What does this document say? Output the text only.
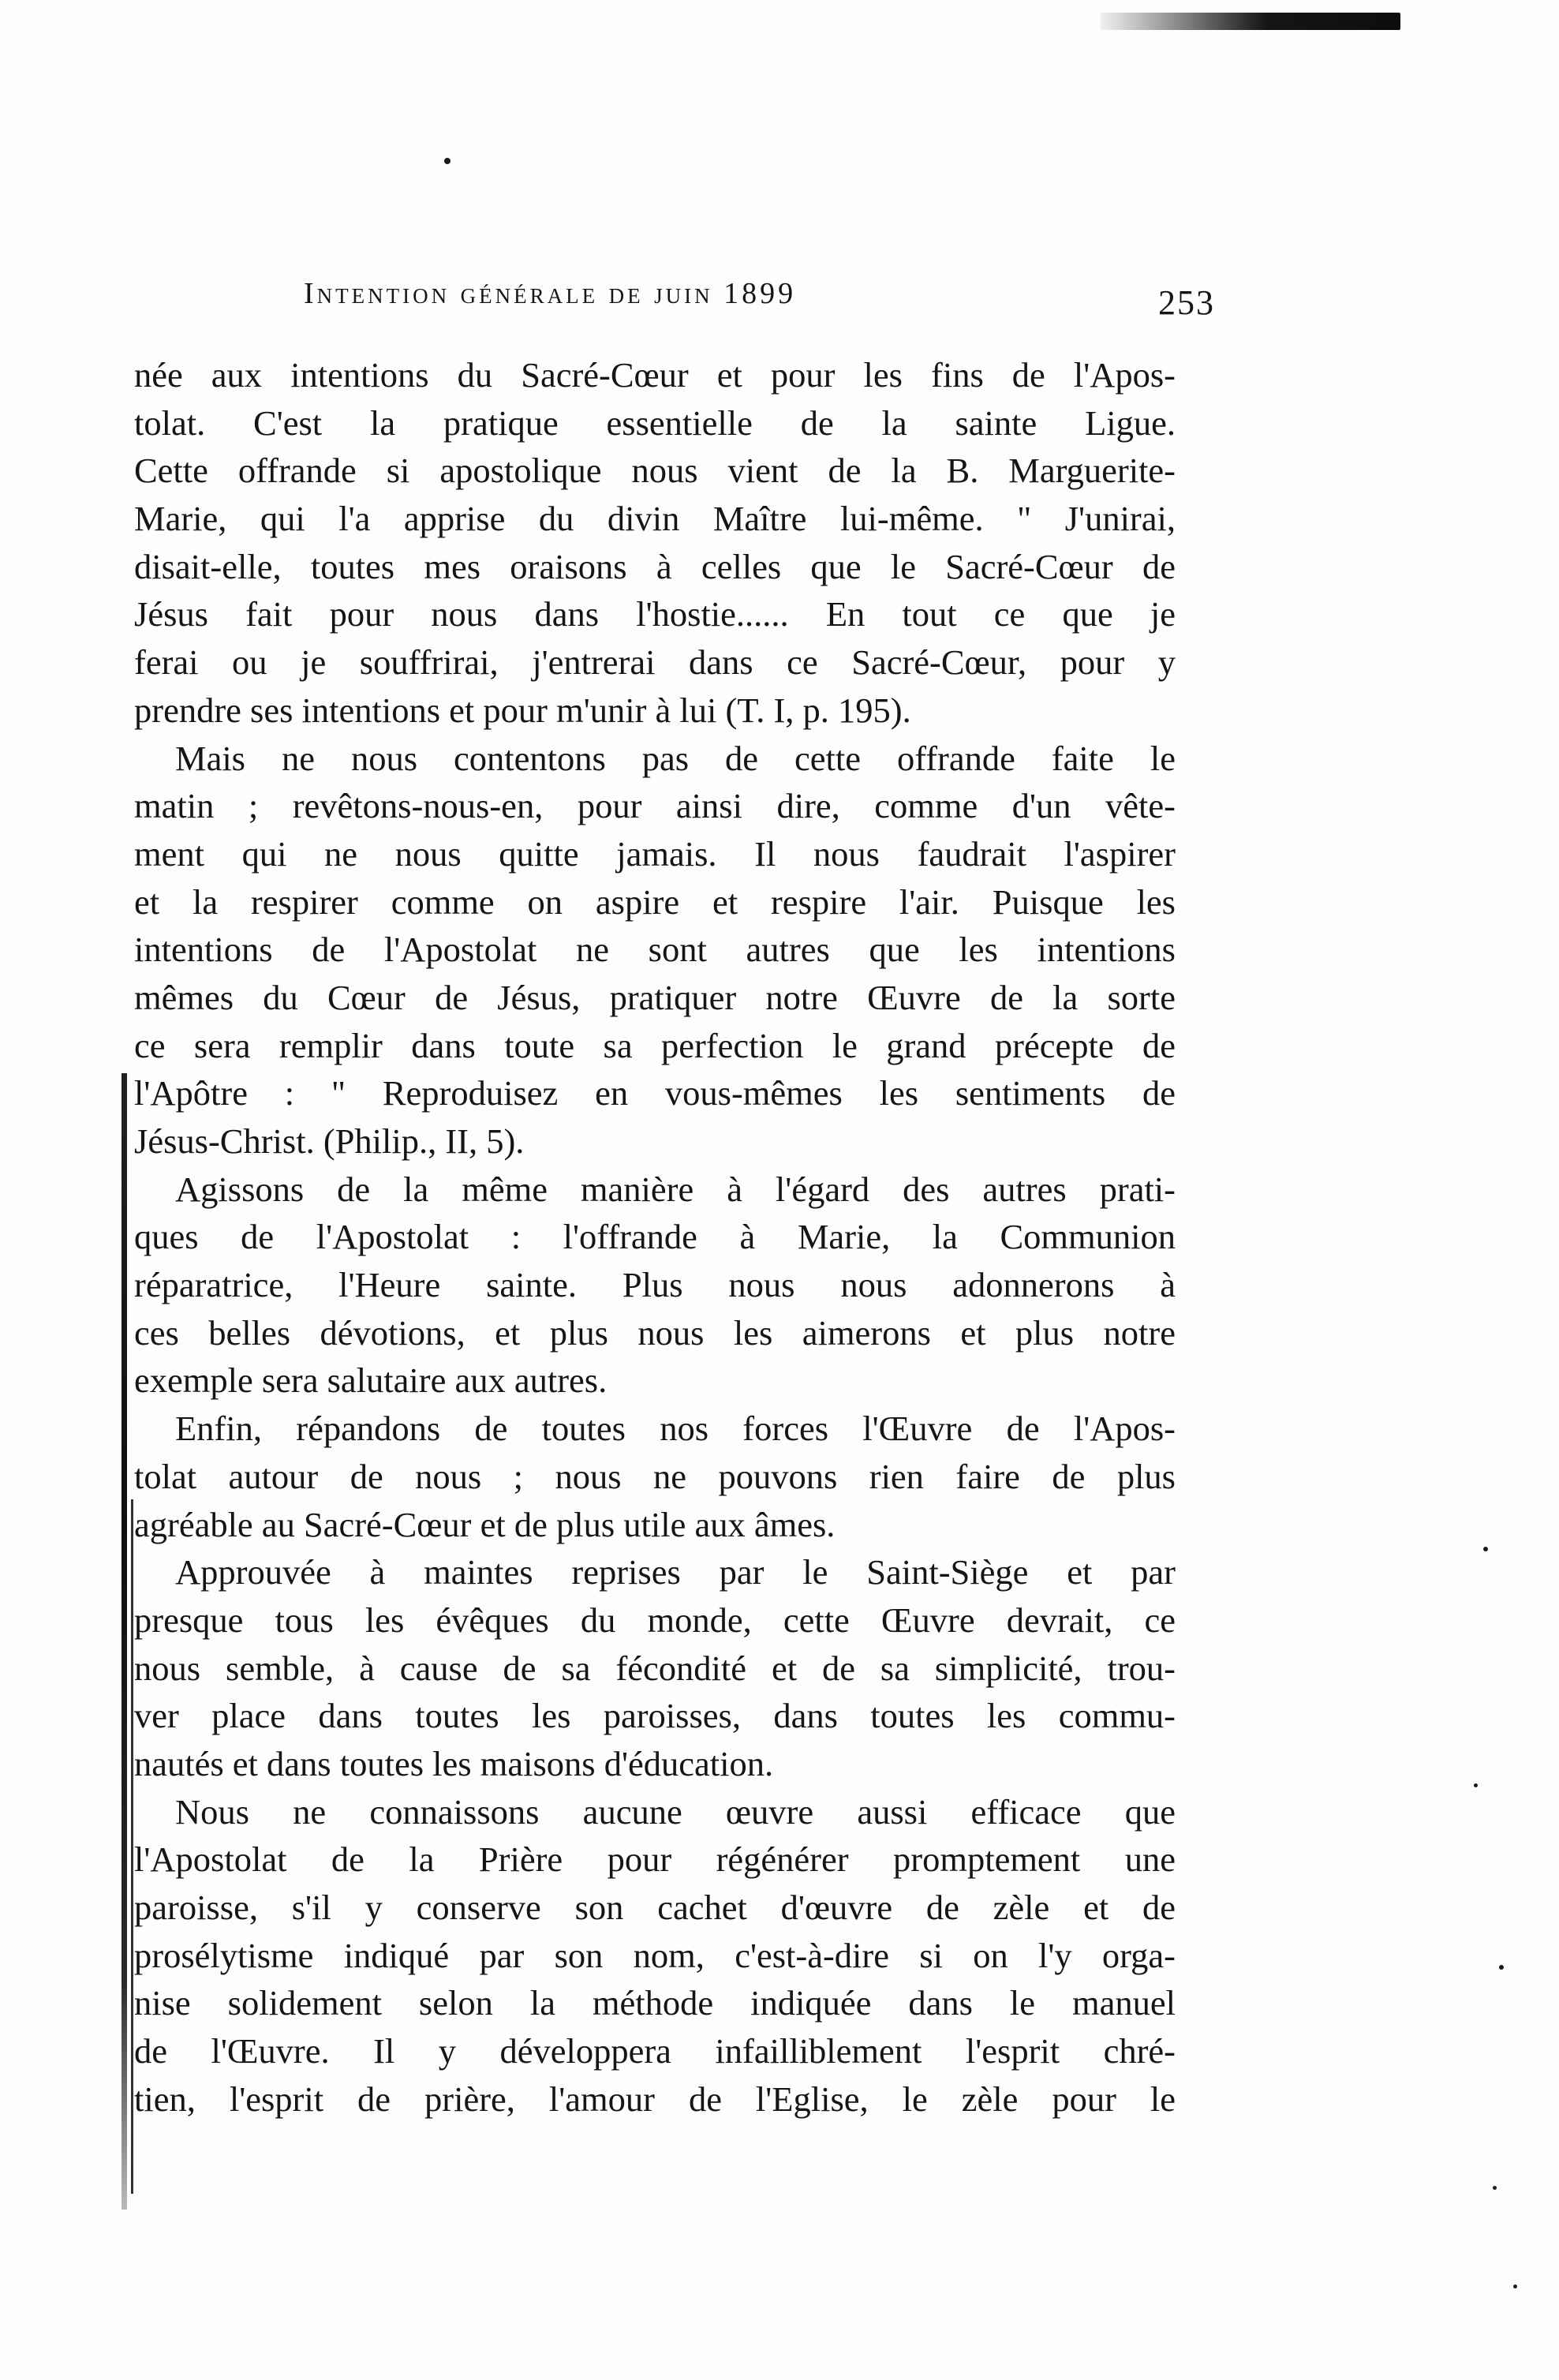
Intention générale de juin 1899	253
née aux intentions du Sacré-Cœur et pour les fins de l'Apos-
tolat. C'est la pratique essentielle de la sainte Ligue.
Cette offrande si apostolique nous vient de la B. Marguerite-
Marie, qui l'a apprise du divin Maître lui-même. " J'unirai,
disait-elle, toutes mes oraisons à celles que le Sacré-Cœur de
Jésus fait pour nous dans l'hostie...... En tout ce que je
ferai ou je souffrirai, j'entrerai dans ce Sacré-Cœur, pour y
prendre ses intentions et pour m'unir à lui (T. I, p. 195).
Mais ne nous contentons pas de cette offrande faite le
matin ; revêtons-nous-en, pour ainsi dire, comme d'un vête-
ment qui ne nous quitte jamais. Il nous faudrait l'aspirer
et la respirer comme on aspire et respire l'air. Puisque les
intentions de l'Apostolat ne sont autres que les intentions
mêmes du Cœur de Jésus, pratiquer notre Œuvre de la sorte
ce sera remplir dans toute sa perfection le grand précepte de
l'Apôtre : " Reproduisez en vous-mêmes les sentiments de
Jésus-Christ. (Philip., II, 5).
Agissons de la même manière à l'égard des autres prati-
ques de l'Apostolat : l'offrande à Marie, la Communion
réparatrice, l'Heure sainte. Plus nous nous adonnerons à
ces belles dévotions, et plus nous les aimerons et plus notre
exemple sera salutaire aux autres.
Enfin, répandons de toutes nos forces l'Œuvre de l'Apos-
tolat autour de nous ; nous ne pouvons rien faire de plus
agréable au Sacré-Cœur et de plus utile aux âmes.
Approuvée à maintes reprises par le Saint-Siège et par
presque tous les évêques du monde, cette Œuvre devrait, ce
nous semble, à cause de sa fécondité et de sa simplicité, trou-
ver place dans toutes les paroisses, dans toutes les commu-
nautés et dans toutes les maisons d'éducation.
Nous ne connaissons aucune œuvre aussi efficace que
l'Apostolat de la Prière pour régénérer promptement une
paroisse, s'il y conserve son cachet d'œuvre de zèle et de
prosélytisme indiqué par son nom, c'est-à-dire si on l'y orga-
nise solidement selon la méthode indiquée dans le manuel
de l'Œuvre. Il y développera infailliblement l'esprit chré-
tien, l'esprit de prière, l'amour de l'Eglise, le zèle pour le
